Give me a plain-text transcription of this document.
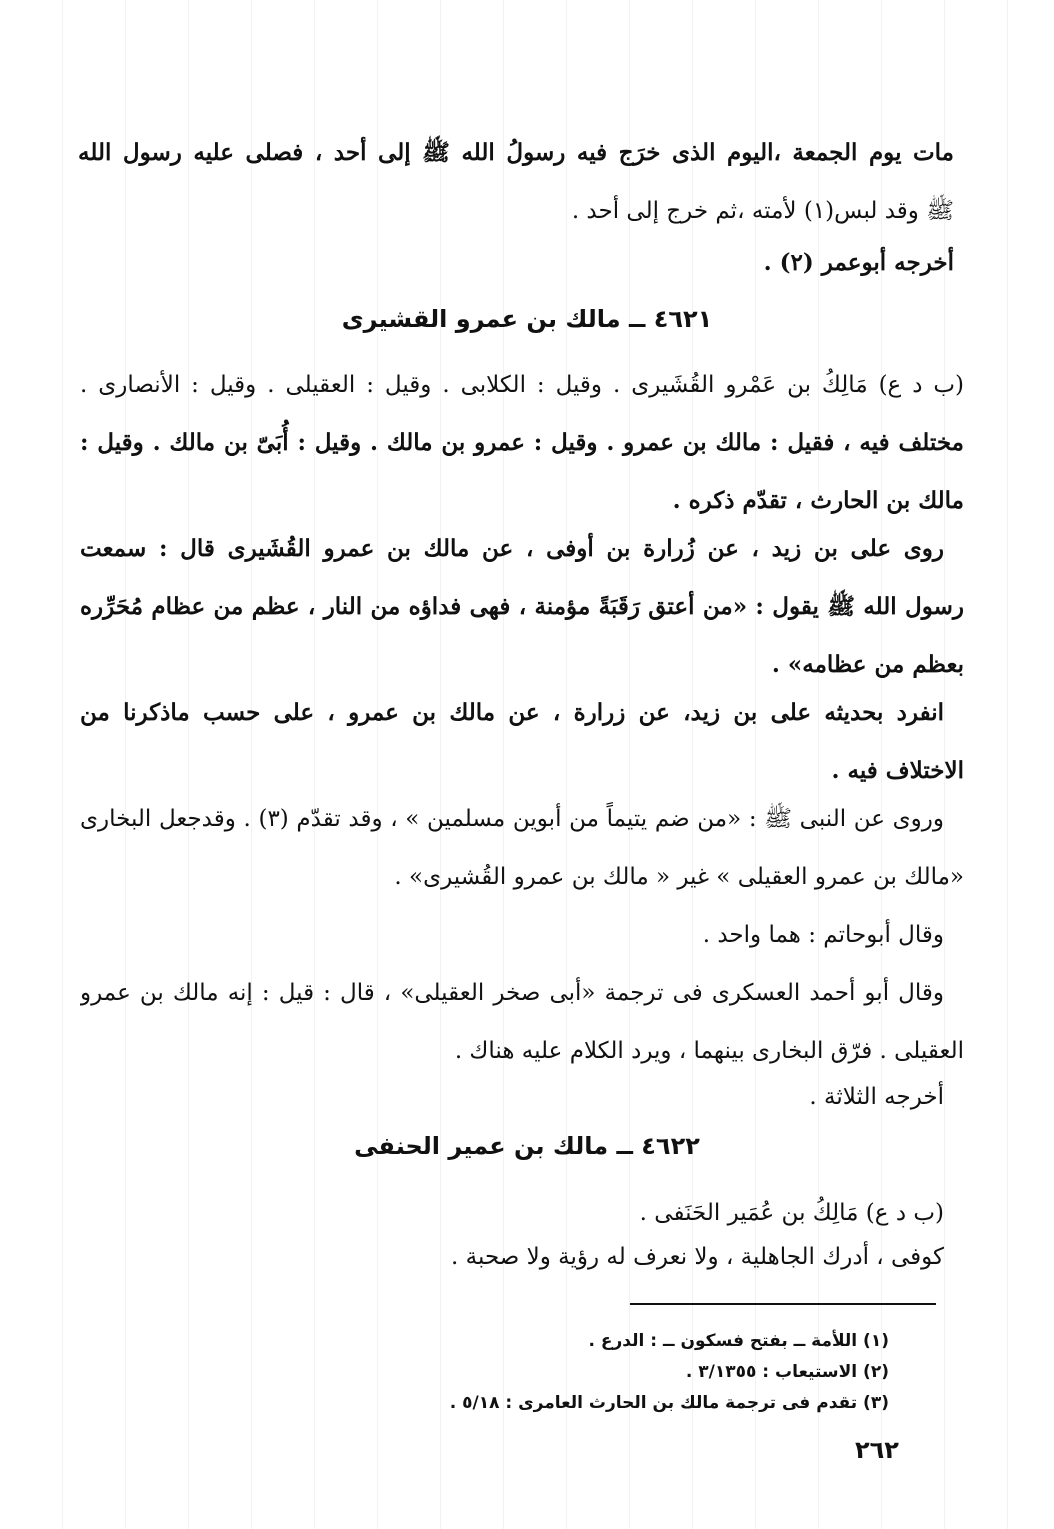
مات يوم الجمعة ،اليوم الذى خرَج فيه رسولُ الله ﷺ إلى أحد ، فصلى عليه رسول الله
ﷺ وقد لبس(١) لأمته ،ثم خرج إلى أحد .
أخرجه أبوعمر (٢) .
٤٦٢١ ــ مالك بن عمرو القشيرى
(ب د ع) مَالِكُ بن عَمْرو القُشَيرى . وقيل : الكلابى . وقيل : العقيلى . وقيل : الأنصارى .
مختلف فيه ، فقيل : مالك بن عمرو . وقيل : عمرو بن مالك . وقيل : أُبَىّ بن مالك . وقيل :
مالك بن الحارث ، تقدّم ذكره .
روى على بن زيد ، عن زُرارة بن أوفى ، عن مالك بن عمرو القُشَيرى قال : سمعت
رسول الله ﷺ يقول : «من أعتق رَقَبَةً مؤمنة ، فهى فداؤه من النار ، عظم من عظام مُحَرِّره
بعظم من عظامه» .
انفرد بحديثه على بن زيد، عن زرارة ، عن مالك بن عمرو ، على حسب ماذكرنا من
الاختلاف فيه .
وروى عن النبى ﷺ : «من ضم يتيماً من أبوين مسلمين » ، وقد تقدّم (٣) . وقدجعل البخارى
«مالك بن عمرو العقيلى » غير « مالك بن عمرو القُشيرى» .
وقال أبوحاتم : هما واحد .
وقال أبو أحمد العسكرى فى ترجمة «أبى صخر العقيلى» ، قال : قيل : إنه مالك بن عمرو
العقيلى . فرّق البخارى بينهما ، ويرد الكلام عليه هناك .
أخرجه الثلاثة .
٤٦٢٢ ــ مالك بن عمير الحنفى
(ب د ع) مَالِكُ بن عُمَير الحَنَفى .
كوفى ، أدرك الجاهلية ، ولا نعرف له رؤية ولا صحبة .
(١) اللأمة ــ بفتح فسكون ــ : الدرع .
(٢) الاستيعاب : ٣/١٣٥٥ .
(٣) تقدم فى ترجمة مالك بن الحارث العامرى : ٥/١٨ .
٢٦٢
